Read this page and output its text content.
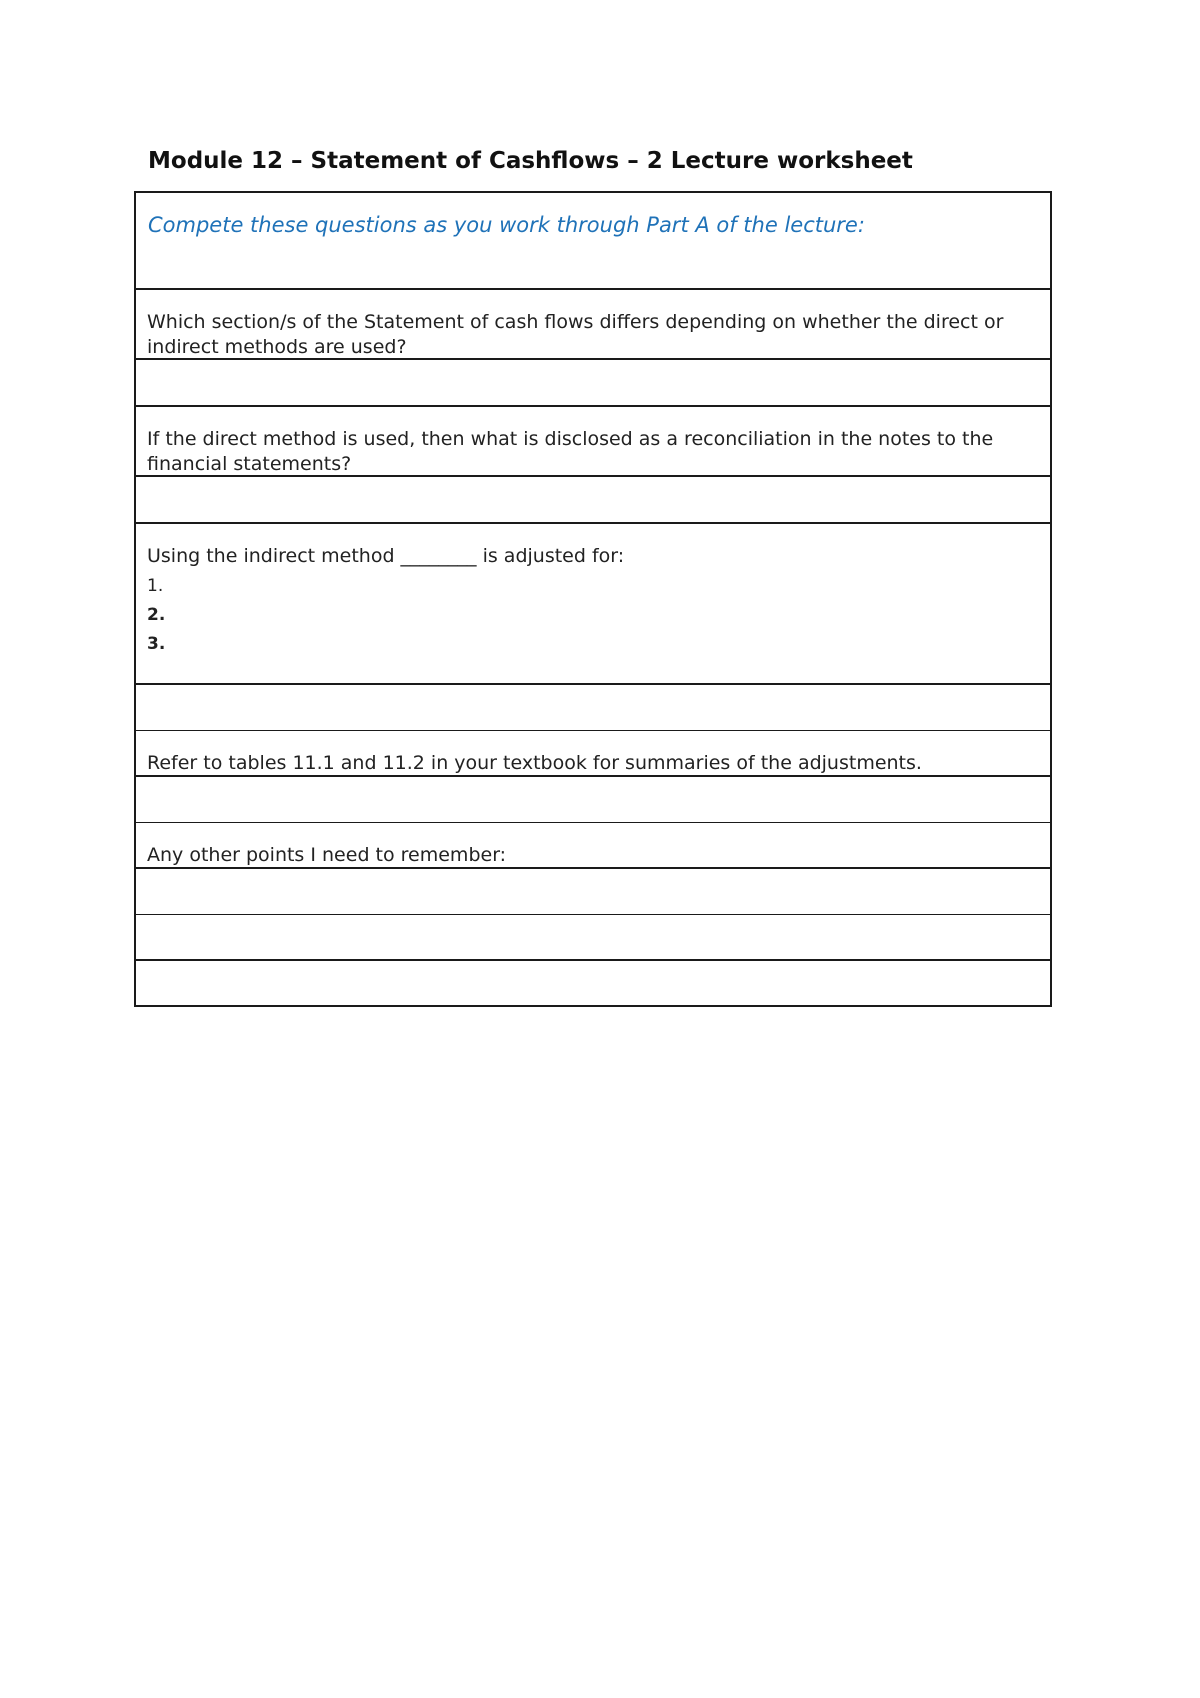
Module 12 – Statement of Cashflows – 2 Lecture worksheet
Compete these questions as you work through Part A of the lecture:
Which section/s of the Statement of cash flows differs depending on whether the direct or indirect methods are used?
If the direct method is used, then what is disclosed as a reconciliation in the notes to the financial statements?
Using the indirect method ________ is adjusted for:
1.
2.
3.
Refer to tables 11.1 and 11.2 in your textbook for summaries of the adjustments.
Any other points I need to remember:
